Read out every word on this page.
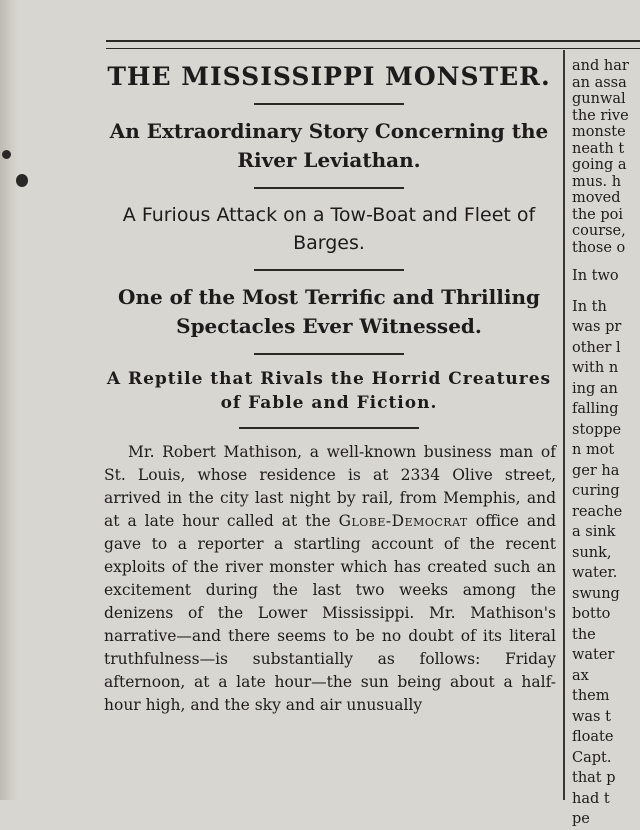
THE MISSISSIPPI MONSTER.
An Extraordinary Story Concerning the River Leviathan.
A Furious Attack on a Tow-Boat and Fleet of Barges.
One of the Most Terrific and Thrilling Spectacles Ever Witnessed.
A Reptile that Rivals the Horrid Creatures of Fable and Fiction.

Mr. Robert Mathison, a well-known business man of St. Louis, whose residence is at 2334 Olive street, arrived in the city last night by rail, from Memphis, and at a late hour called at the Globe-Democrat office and gave to a reporter a startling account of the recent exploits of the river monster which has created such an excitement during the last two weeks among the denizens of the Lower Mississippi. Mr. Mathison's narrative—and there seems to be no doubt of its literal truthfulness—is substantially as follows: Friday afternoon, at a late hour—the sun being about a half-hour high, and the sky and air unusually

and har
an assa
gunwal
the rive
monste
neath t
going a
mus. h
moved
the poi
course,
those o
In two
In th
was pr
other l
with n
ing an
falling
stoppe
n mot
ger ha
curing
reache
a sink
sunk,
water.
swung
botto
the
water
ax
them
was t
floate
Capt.
that p
had t
pe
